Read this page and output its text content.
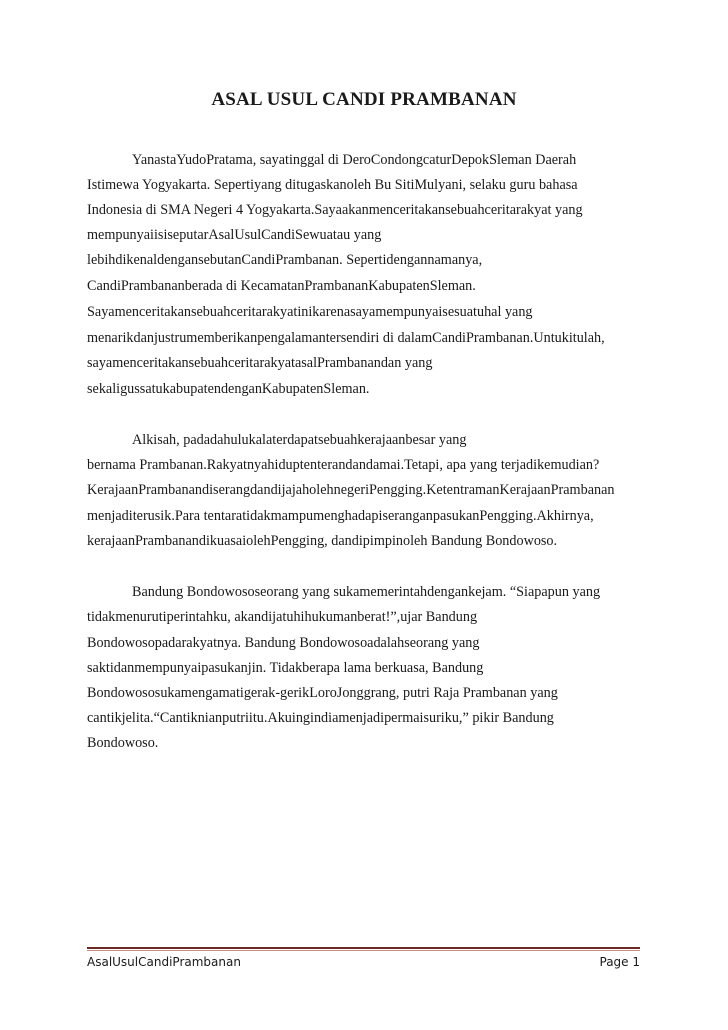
ASAL USUL CANDI PRAMBANAN
YanastaYudoPratama, sayatinggal di DeroCondongcaturDepokSleman Daerah
Istimewa Yogyakarta. Sepertiyang ditugaskanoleh Bu SitiMulyani, selaku guru bahasa
Indonesia di SMA Negeri 4 Yogyakarta.Sayaakanmenceritakansebuahceritarakyat yang
mempunyaiisiseputarAsalUsulCandiSewuatau yang
lebihdikenaldengansebutanCandiPrambanan. Sepertidengannamanya,
CandiPrambananberada di KecamatanPrambananKabupatenSleman.
Sayamenceritakansebuahceritarakyatinikarenasayamempunyaisesuatuhal yang
menarikdanjustrumemberikanpengalamantersendiri di dalamCandiPrambanan.Untukitulah,
sayamenceritakansebuahceritarakyatasalPrambanandan yang
sekaligussatukabupatendenganKabupatenSleman.
Alkisah, padadahulukalaterdapatsebuahkerajaanbesar yang
bernama Prambanan.Rakyatnyahiduptenterandandamai.Tetapi, apa yang terjadikemudian?
KerajaanPrambanandiserangdandijajaholehnegeriPengging.KetentramanKerajaanPrambanan
menjaditerusik.Para tentaratidakmampumenghadapiseranganpasukanPengging.Akhirnya,
kerajaanPrambanandikuasaiolehPengging, dandipimpinoleh Bandung Bondowoso.
Bandung Bondowososeorang yang sukamemerintahdengankejam. “Siapapun yang
tidakmenurutiperintahku, akandijatuhihukumanberat!”,ujar Bandung
Bondowosopadarakyatnya. Bandung Bondowosoadalahseorang yang
saktidanmempunyaipasukanjin. Tidakberapa lama berkuasa, Bandung
Bondowososukamengamatigerak-gerikLoroJonggrang, putri Raja Prambanan yang
cantikjelita.“Cantiknianputriitu.Akuingindiamenjadipermaisuriku,” pikir Bandung
Bondowoso.
AsalUsulCandiPrambanan	Page 1
